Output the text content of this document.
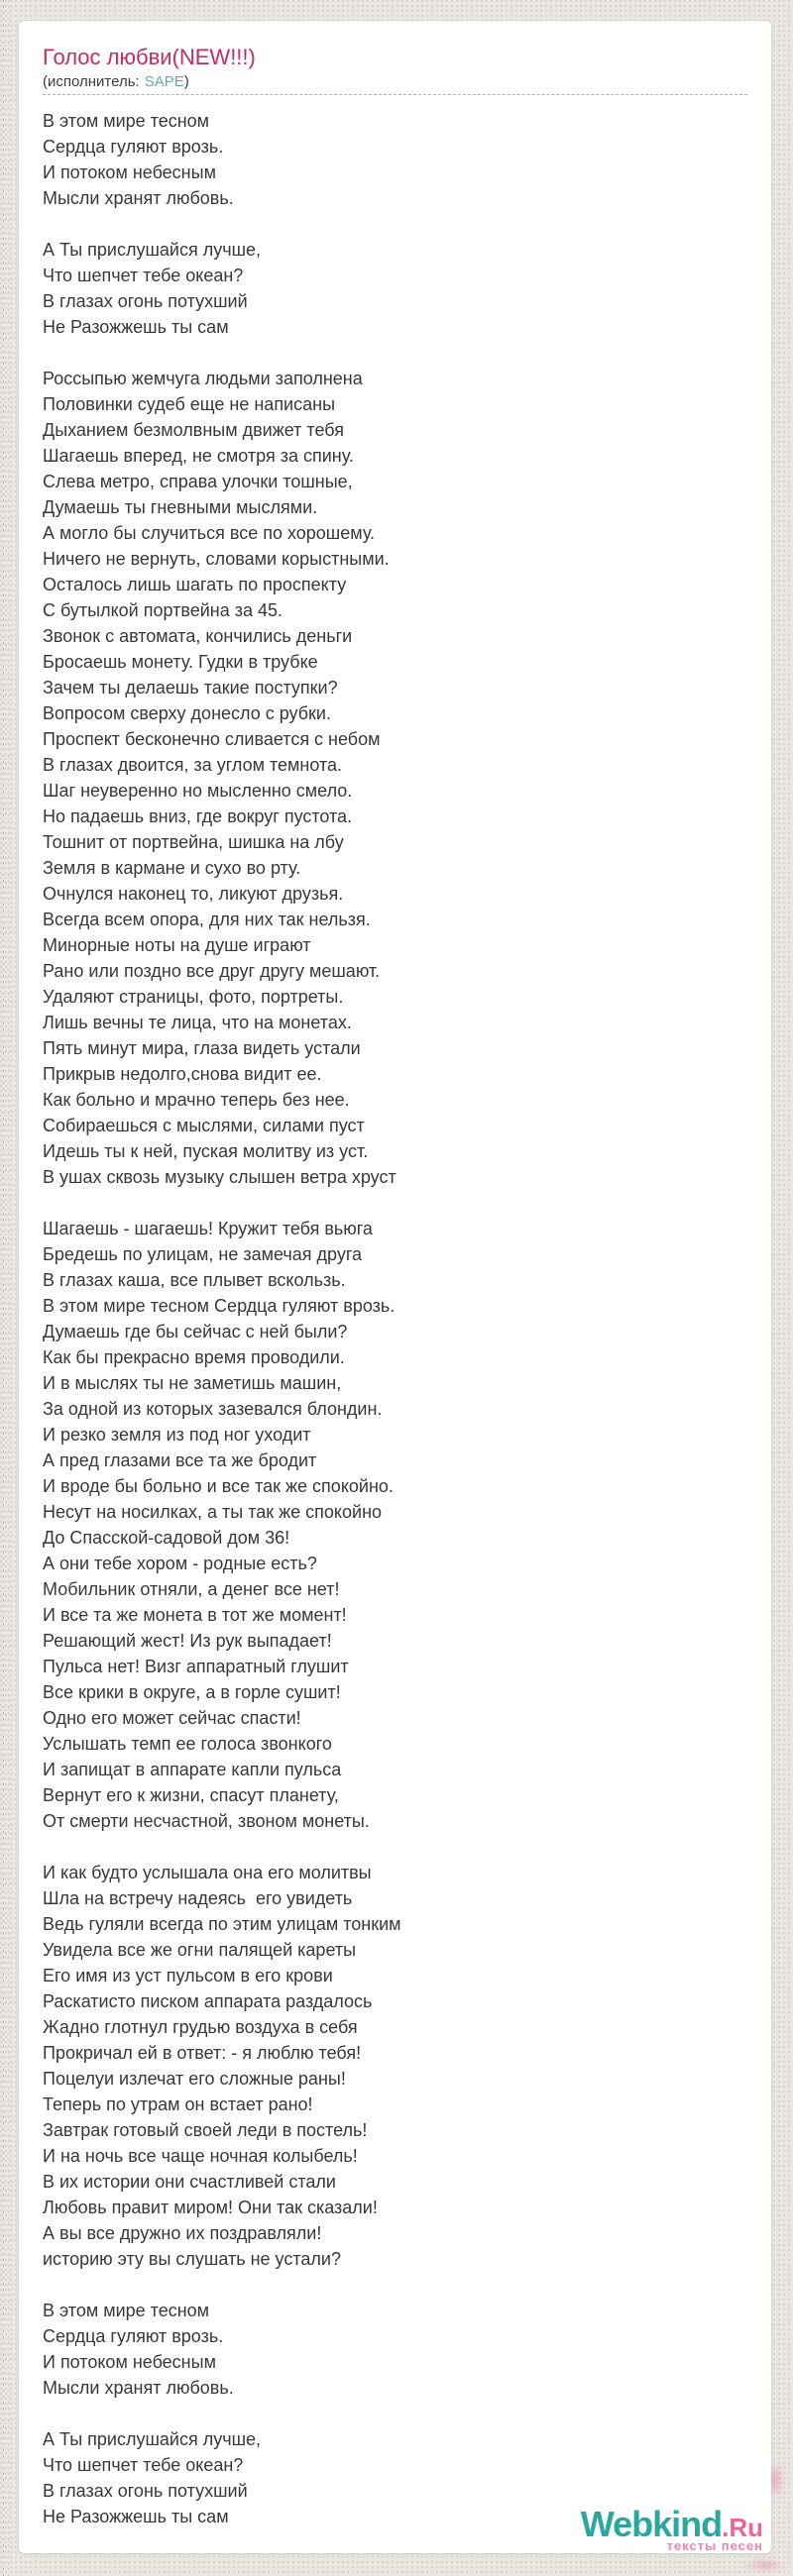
Голос любви(NEW!!!)
(исполнитель: SAPE)
В этом мире тесном
Сердца гуляют врозь.
И потоком небесным
Мысли хранят любовь.

А Ты прислушайся лучше,
Что шепчет тебе океан?
В глазах огонь потухший
Не Разожжешь ты сам

Россыпью жемчуга людьми заполнена
Половинки судеб еще не написаны
Дыханием безмолвным движет тебя
Шагаешь вперед, не смотря за спину.
Слева метро, справа улочки тошные,
Думаешь ты гневными мыслями.
А могло бы случиться все по хорошему.
Ничего не вернуть, словами корыстными.
Осталось лишь шагать по проспекту
С бутылкой портвейна за 45.
Звонок с автомата, кончились деньги
Бросаешь монету. Гудки в трубке
Зачем ты делаешь такие поступки?
Вопросом сверху донесло с рубки.
Проспект бесконечно сливается с небом
В глазах двоится, за углом темнота.
Шаг неуверенно но мысленно смело.
Но падаешь вниз, где вокруг пустота.
Тошнит от портвейна, шишка на лбу
Земля в кармане и сухо во рту.
Очнулся наконец то, ликуют друзья.
Всегда всем опора, для них так нельзя.
Минорные ноты на душе играют
Рано или поздно все друг другу мешают.
Удаляют страницы, фото, портреты.
Лишь вечны те лица, что на монетах.
Пять минут мира, глаза видеть устали
Прикрыв недолго,снова видит ее.
Как больно и мрачно теперь без нее.
Собираешься с мыслями, силами пуст
Идешь ты к ней, пуская молитву из уст.
В ушах сквозь музыку слышен ветра хруст

Шагаешь - шагаешь! Кружит тебя вьюга
Бредешь по улицам, не замечая друга
В глазах каша, все плывет вскользь.
В этом мире тесном Сердца гуляют врозь.
Думаешь где бы сейчас с ней были?
Как бы прекрасно время проводили.
И в мыслях ты не заметишь машин,
За одной из которых зазевался блондин.
И резко земля из под ног уходит
А пред глазами все та же бродит
И вроде бы больно и все так же спокойно.
Несут на носилках, а ты так же спокойно
До Спасской-садовой дом 36!
А они тебе хором - родные есть?
Мобильник отняли, а денег все нет!
И все та же монета в тот же момент!
Решающий жест! Из рук выпадает!
Пульса нет! Визг аппаратный глушит
Все крики в округе, а в горле сушит!
Одно его может сейчас спасти!
Услышать темп ее голоса звонкого
И запищат в аппарате капли пульса
Вернут его к жизни, спасут планету,
От смерти несчастной, звоном монеты.

И как будто услышала она его молитвы
Шла на встречу надеясь  его увидеть
Ведь гуляли всегда по этим улицам тонким
Увидела все же огни палящей кареты
Его имя из уст пульсом в его крови
Раскатисто писком аппарата раздалось
Жадно глотнул грудью воздуха в себя
Прокричал ей в ответ: - я люблю тебя!
Поцелуи излечат его сложные раны!
Теперь по утрам он встает рано!
Завтрак готовый своей леди в постель!
И на ночь все чаще ночная колыбель!
В их истории они счастливей стали
Любовь правит миром! Они так сказали!
А вы все дружно их поздравляли!
историю эту вы слушать не устали?

В этом мире тесном
Сердца гуляют врозь.
И потоком небесным
Мысли хранят любовь.

А Ты прислушайся лучше,
Что шепчет тебе океан?
В глазах огонь потухший
Не Разожжешь ты сам	Webkind.Ru
тексты песен
